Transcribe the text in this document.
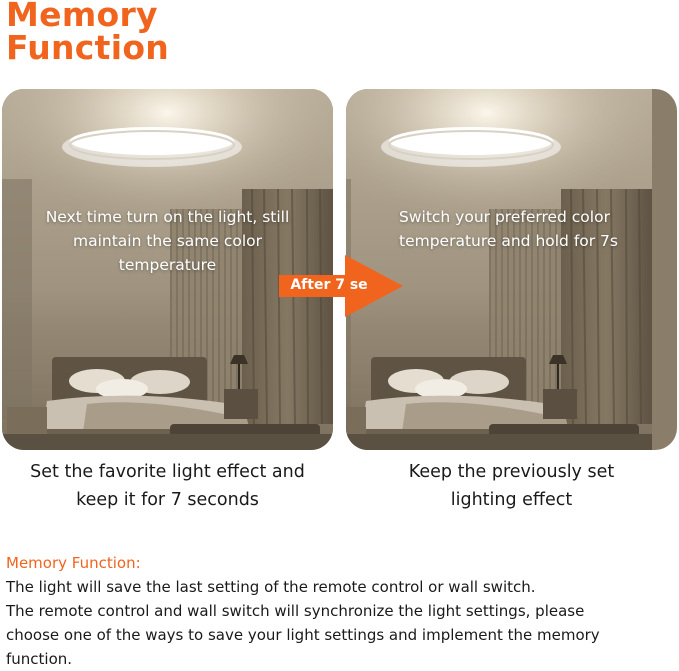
Memory
Function
Next time turn on the light, still
maintain the same color
temperature
Switch your preferred color
temperature and hold for 7s
After 7 se
Set the favorite light effect and
keep it for 7 seconds
Keep the previously set
lighting effect
Memory Function:

The light will save the last setting of the remote control or wall switch.

The remote control and wall switch will synchronize the light settings, please

choose one of the ways to save your light settings and implement the memory

function.
